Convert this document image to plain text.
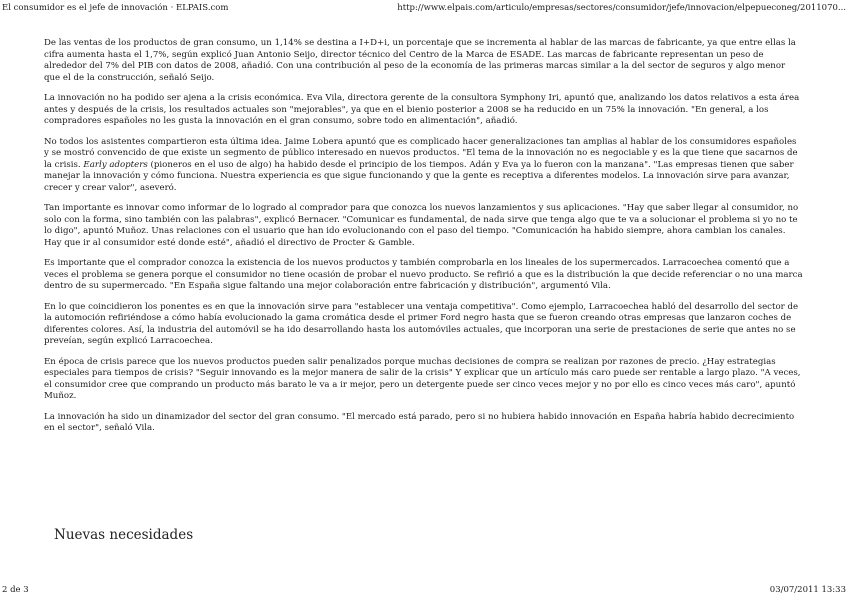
El consumidor es el jefe de innovación · ELPAIS.com	http://www.elpais.com/articulo/empresas/sectores/consumidor/jefe/innovacion/elpepueconeg/2011070...

De las ventas de los productos de gran consumo, un 1,14% se destina a I+D+i, un porcentaje que se incrementa al hablar de las marcas de fabricante, ya que entre ellas la cifra aumenta hasta el 1,7%, según explicó Juan Antonio Seijo, director técnico del Centro de la Marca de ESADE. Las marcas de fabricante representan un peso de alrededor del 7% del PIB con datos de 2008, añadió. Con una contribución al peso de la economía de las primeras marcas similar a la del sector de seguros y algo menor que el de la construcción, señaló Seijo.

La innovación no ha podido ser ajena a la crisis económica. Eva Vila, directora gerente de la consultora Symphony Iri, apuntó que, analizando los datos relativos a esta área antes y después de la crisis, los resultados actuales son "mejorables", ya que en el bienio posterior a 2008 se ha reducido en un 75% la innovación. "En general, a los compradores españoles no les gusta la innovación en el gran consumo, sobre todo en alimentación", añadió.

No todos los asistentes compartieron esta última idea. Jaime Lobera apuntó que es complicado hacer generalizaciones tan amplias al hablar de los consumidores españoles y se mostró convencido de que existe un segmento de público interesado en nuevos productos. "El tema de la innovación no es negociable y es la que tiene que sacarnos de la crisis. Early adopters (pioneros en el uso de algo) ha habido desde el principio de los tiempos. Adán y Eva ya lo fueron con la manzana". "Las empresas tienen que saber manejar la innovación y cómo funciona. Nuestra experiencia es que sigue funcionando y que la gente es receptiva a diferentes modelos. La innovación sirve para avanzar, crecer y crear valor", aseveró.

Tan importante es innovar como informar de lo logrado al comprador para que conozca los nuevos lanzamientos y sus aplicaciones. "Hay que saber llegar al consumidor, no solo con la forma, sino también con las palabras", explicó Bernacer. "Comunicar es fundamental, de nada sirve que tenga algo que te va a solucionar el problema si yo no te lo digo", apuntó Muñoz. Unas relaciones con el usuario que han ido evolucionando con el paso del tiempo. "Comunicación ha habido siempre, ahora cambian los canales. Hay que ir al consumidor esté donde esté", añadió el directivo de Procter & Gamble.

Es importante que el comprador conozca la existencia de los nuevos productos y también comprobarla en los lineales de los supermercados. Larracoechea comentó que a veces el problema se genera porque el consumidor no tiene ocasión de probar el nuevo producto. Se refirió a que es la distribución la que decide referenciar o no una marca dentro de su supermercado. "En España sigue faltando una mejor colaboración entre fabricación y distribución", argumentó Vila.

En lo que coincidieron los ponentes es en que la innovación sirve para "establecer una ventaja competitiva". Como ejemplo, Larracoechea habló del desarrollo del sector de la automoción refiriéndose a cómo había evolucionado la gama cromática desde el primer Ford negro hasta que se fueron creando otras empresas que lanzaron coches de diferentes colores. Así, la industria del automóvil se ha ido desarrollando hasta los automóviles actuales, que incorporan una serie de prestaciones de serie que antes no se preveían, según explicó Larracoechea.

En época de crisis parece que los nuevos productos pueden salir penalizados porque muchas decisiones de compra se realizan por razones de precio. ¿Hay estrategias especiales para tiempos de crisis? "Seguir innovando es la mejor manera de salir de la crisis" Y explicar que un artículo más caro puede ser rentable a largo plazo. "A veces, el consumidor cree que comprando un producto más barato le va a ir mejor, pero un detergente puede ser cinco veces mejor y no por ello es cinco veces más caro", apuntó Muñoz.

La innovación ha sido un dinamizador del sector del gran consumo. "El mercado está parado, pero si no hubiera habido innovación en España habría habido decrecimiento en el sector", señaló Vila.

Nuevas necesidades
2 de 3	03/07/2011 13:33
